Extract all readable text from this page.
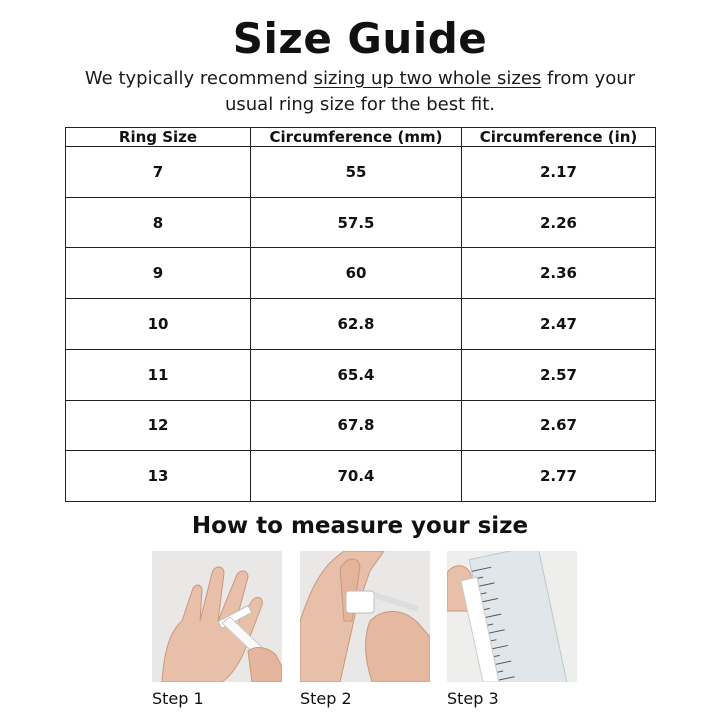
Size Guide

We typically recommend sizing up two whole sizes from your usual ring size for the best fit.

Ring Size	Circumference (mm)	Circumference (in)
7	55	2.17
8	57.5	2.26
9	60	2.36
10	62.8	2.47
11	65.4	2.57
12	67.8	2.67
13	70.4	2.77
How to measure your size
Step 1	Step 2	Step 3
